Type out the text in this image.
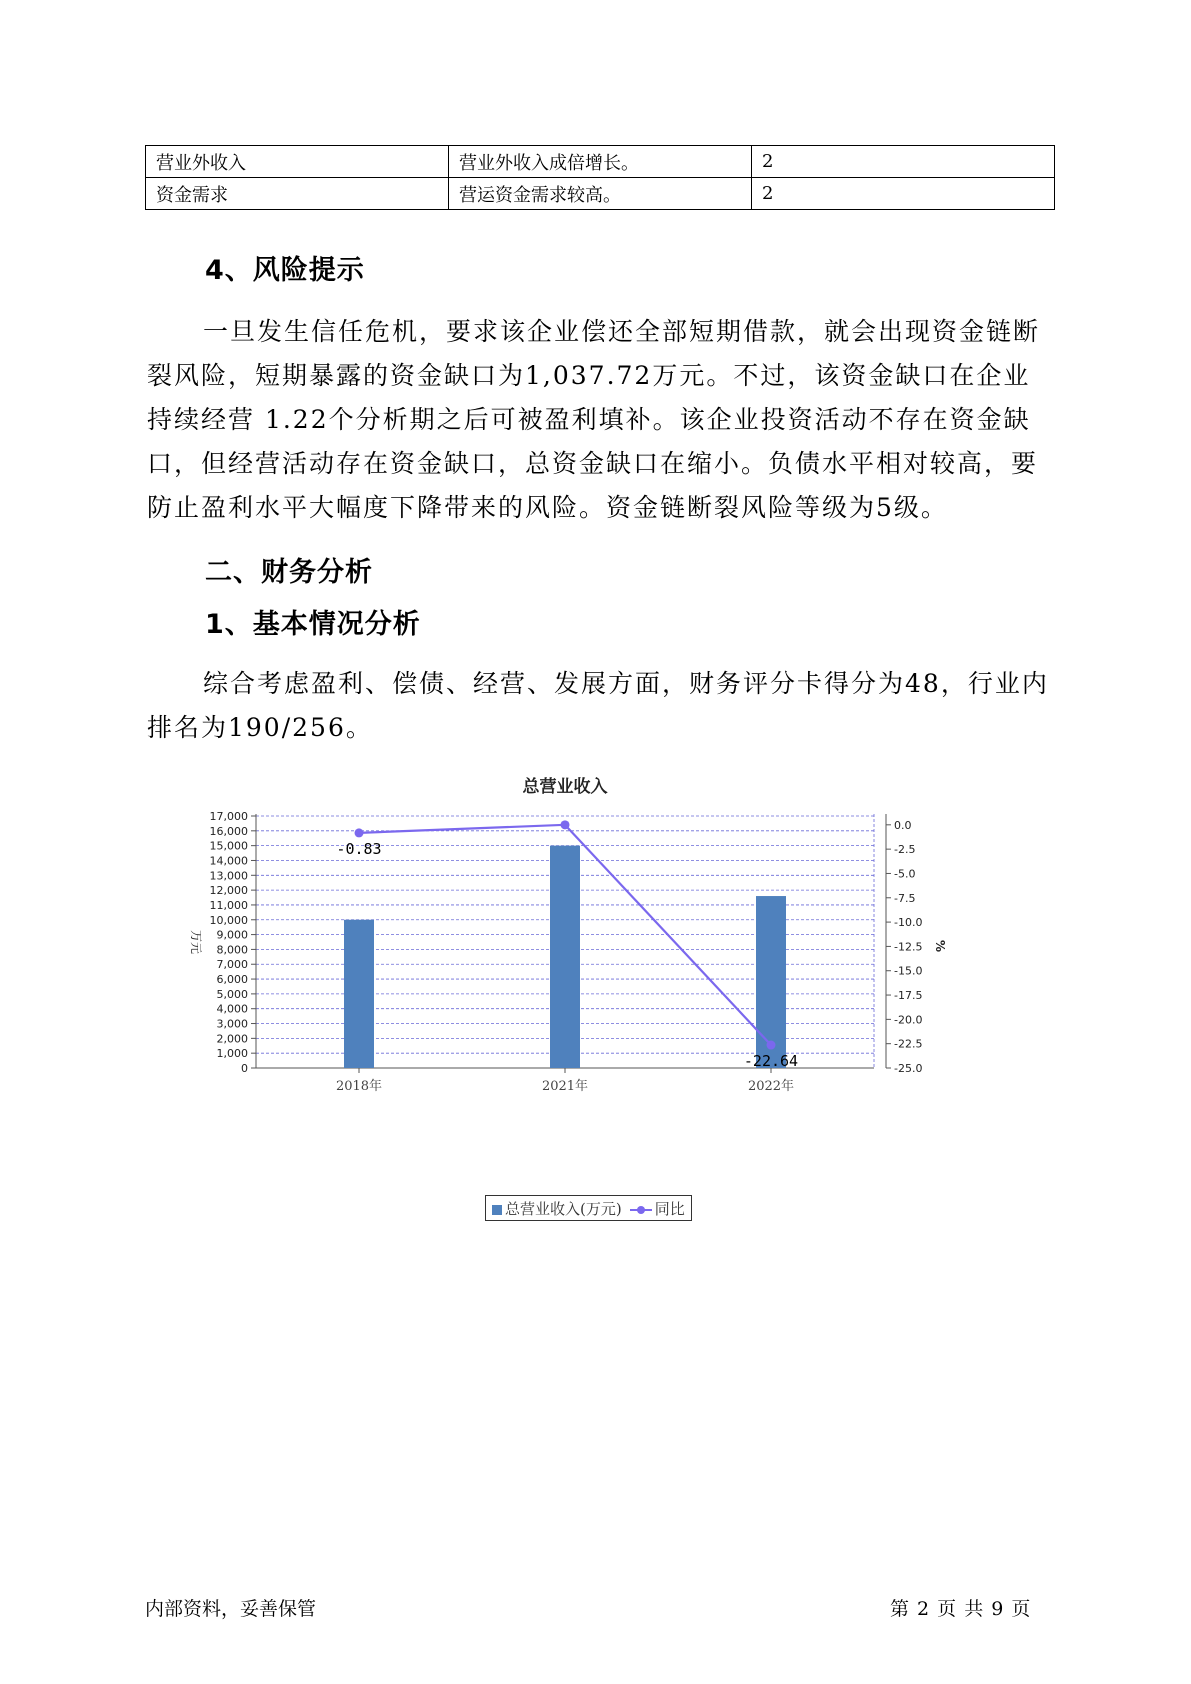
营业外收入	营业外收入成倍增长。	2
资金需求	营运资金需求较高。	2
4、风险提示

一旦发生信任危机，要求该企业偿还全部短期借款，就会出现资金链断裂风险，短期暴露的资金缺口为1,037.72万元。不过，该资金缺口在企业持续经营 1.22个分析期之后可被盈利填补。该企业投资活动不存在资金缺口，但经营活动存在资金缺口，总资金缺口在缩小。负债水平相对较高，要防止盈利水平大幅度下降带来的风险。资金链断裂风险等级为5级。

二、财务分析
1、基本情况分析

综合考虑盈利、偿债、经营、发展方面，财务评分卡得分为48，行业内排名为190/256。

总营业收入
0
1,000
2,000
3,000
4,000
5,000
6,000
7,000
8,000
9,000
10,000
11,000
12,000
13,000
14,000
15,000
16,000
17,000
0.0
-2.5
-5.0
-7.5
-10.0
-12.5
-15.0
-17.5
-20.0
-22.5
-25.0
万元	%
2018年	2021年	2022年
-0.83
-22.64
总营业收入(万元)	同比
内部资料，妥善保管	第 2 页 共 9 页
